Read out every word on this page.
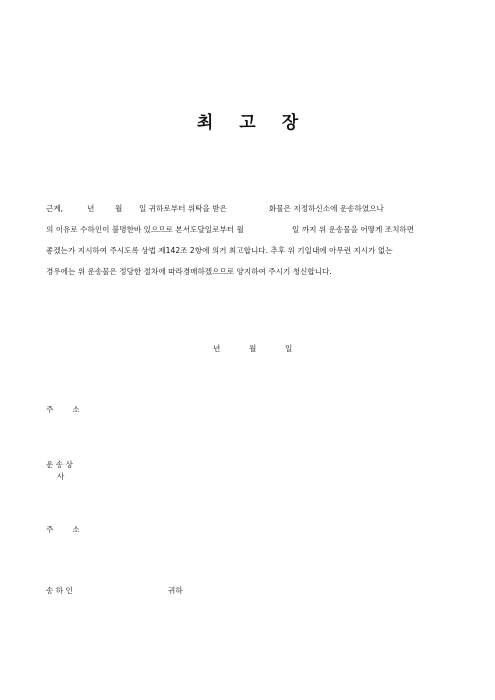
최 고 장
근계,	년	월 일 귀하로부터 위탁을 받은	화물은 지정하신소에 운송하였으나
의 이유로 수하인이 불명한바 있으므로 본서도달일로부터 월	일 까지 위 운송물을 어떻게 조치하면
좋겠는가 지시하여 주시도록 상법 제142조 2항에 의거 최고합니다. 추후 위 기일내에 아무런 지시가 없는
경우에는 위 운송물은 정당한 절차에 따라경매하겠으므로 양지하여 주시기 청신합니다.
년	월	일
주	소
운 송 상
사
주	소
송 하 인	귀하
